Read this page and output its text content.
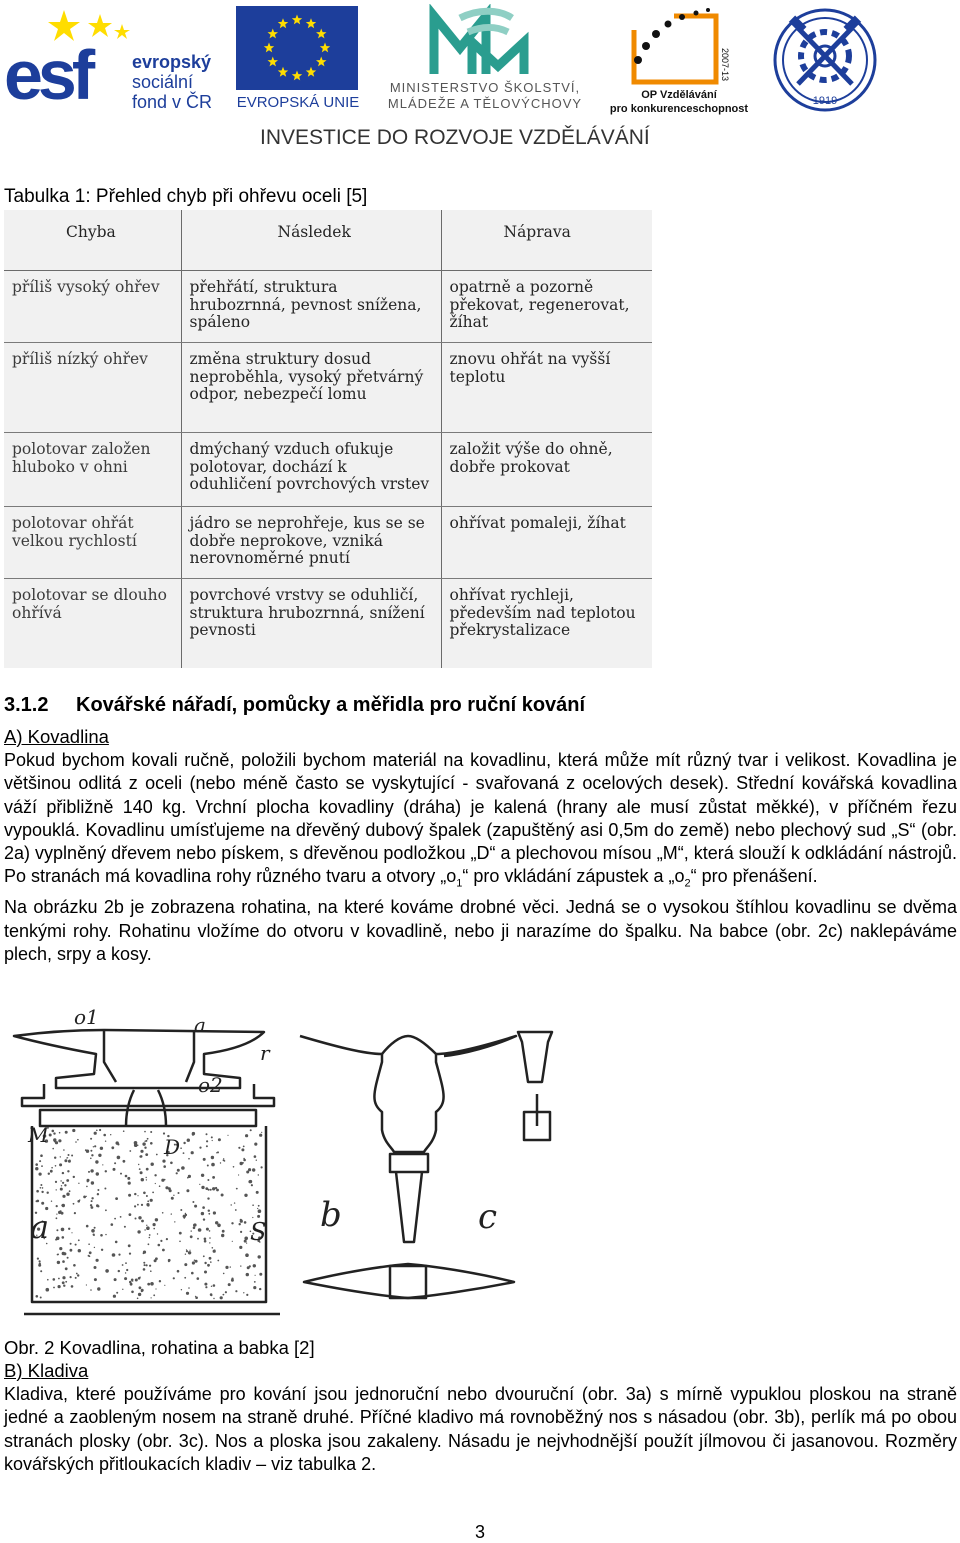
esf evropský
sociální
fond v ČR	EVROPSKÁ UNIE
MINISTERSTVO ŠKOLSTVÍ,
MLÁDEŽE A TĚLOVÝCHOVY
2007-13
OP Vzdělávání
pro konkurenceschopnost
1919
INVESTICE DO ROZVOJE VZDĚLÁVÁNÍ
Tabulka 1: Přehled chyb při ohřevu oceli [5]
Chyba	Následek	Náprava
příliš vysoký ohřev	přehřátí, struktura hrubozrnná, pevnost snížena, spáleno	opatrně a pozorně překovat, regenerovat, žíhat
příliš nízký ohřev	změna struktury dosud neproběhla, vysoký přetvárný odpor, nebezpečí lomu	znovu ohřát na vyšší teplotu
polotovar založen hluboko v ohni	dmýchaný vzduch ofukuje polotovar, dochází k oduhličení povrchových vrstev	založit výše do ohně, dobře prokovat
polotovar ohřát velkou rychlostí	jádro se neprohřeje, kus se se dobře neprokove, vzniká nerovnoměrné pnutí	ohřívat pomaleji, žíhat
polotovar se dlouho ohřívá	povrchové vrstvy se oduhličí, struktura hrubozrnná, snížení pevnosti	ohřívat rychleji, především nad teplotou překrystalizace
3.1.2 Kovářské nářadí, pomůcky a měřidla pro ruční kování
A) Kovadlina

Pokud bychom kovali ručně, položili bychom materiál na kovadlinu, která může mít různý tvar i velikost. Kovadlina je většinou odlitá z oceli (nebo méně často se vyskytující - svařovaná z ocelových desek). Střední kovářská kovadlina váží přibližně 140 kg. Vrchní plocha kovadliny (dráha) je kalená (hrany ale musí zůstat měkké), v příčném řezu vypouklá. Kovadlinu umísťujeme na dřevěný dubový špalek (zapuštěný asi 0,5m do země) nebo plechový sud „S“ (obr. 2a) vyplněný dřevem nebo pískem, s dřevěnou podložkou „D“ a plechovou mísou „M“, která slouží k odkládání nástrojů. Po stranách má kovadlina rohy různého tvaru a otvory $„o_1“$ pro vkládání zápustek a $„o_2“$ pro přenášení.

Na obrázku 2b je zobrazena rohatina, na které kováme drobné věci. Jedná se o vysokou štíhlou kovadlinu se dvěma tenkými rohy. Rohatinu vložíme do otvoru v kovadlině, nebo ji narazíme do špalku. Na babce (obr. 2c) naklepáváme plech, srpy a kosy.

o1	a
o2
r
D
M
a	S b	c
Obr. 2 Kovadlina, rohatina a babka [2]
B) Kladiva

Kladiva, které používáme pro kování jsou jednoruční nebo dvouruční (obr. 3a) s mírně vypuklou ploskou na straně jedné a zaobleným nosem na straně druhé. Příčné kladivo má rovnoběžný nos s násadou (obr. 3b), perlík má po obou stranách plosky (obr. 3c). Nos a ploska jsou zakaleny. Násadu je nejvhodnější použít jílmovou či jasanovou. Rozměry kovářských přitloukacích kladiv – viz tabulka 2.

3
